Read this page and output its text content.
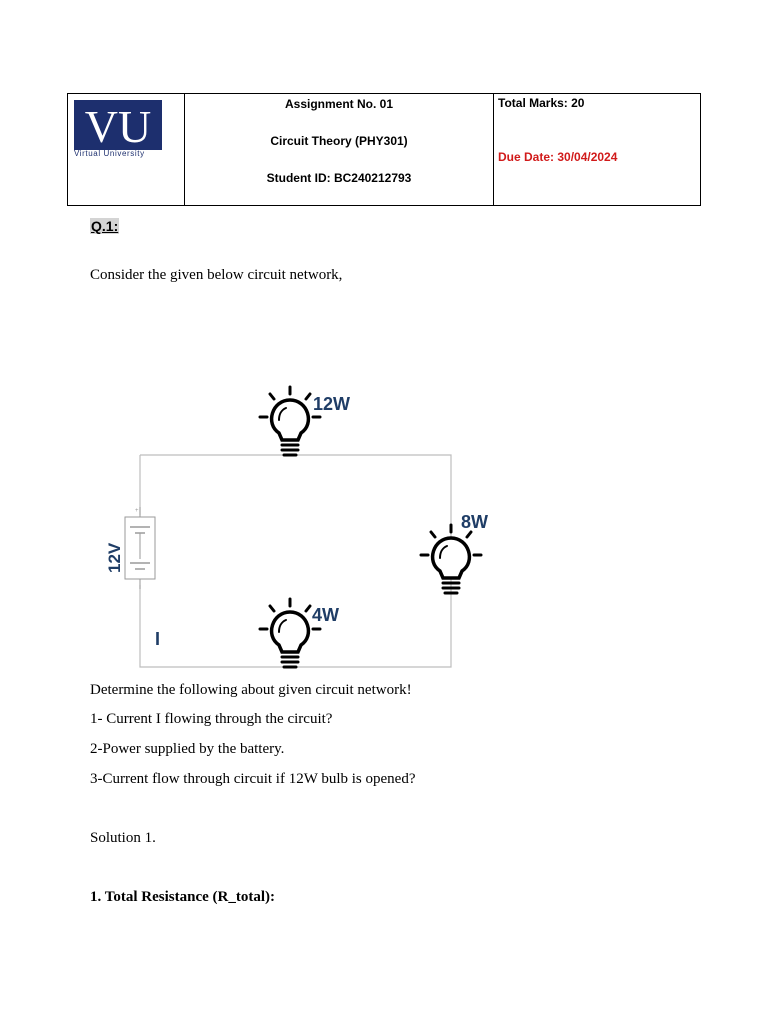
VU
Virtual University

Assignment No. 01
Circuit Theory (PHY301)
Student ID: BC240212793

Total Marks: 20
Due Date: 30/04/2024
Q.1:
Consider the given below circuit network,
+
12V
I
12W
8W
4W
Determine the following about given circuit network!
1- Current I flowing through the circuit?
2-Power supplied by the battery.
3-Current flow through circuit if 12W bulb is opened?
Solution 1.
1. Total Resistance (R_total):
